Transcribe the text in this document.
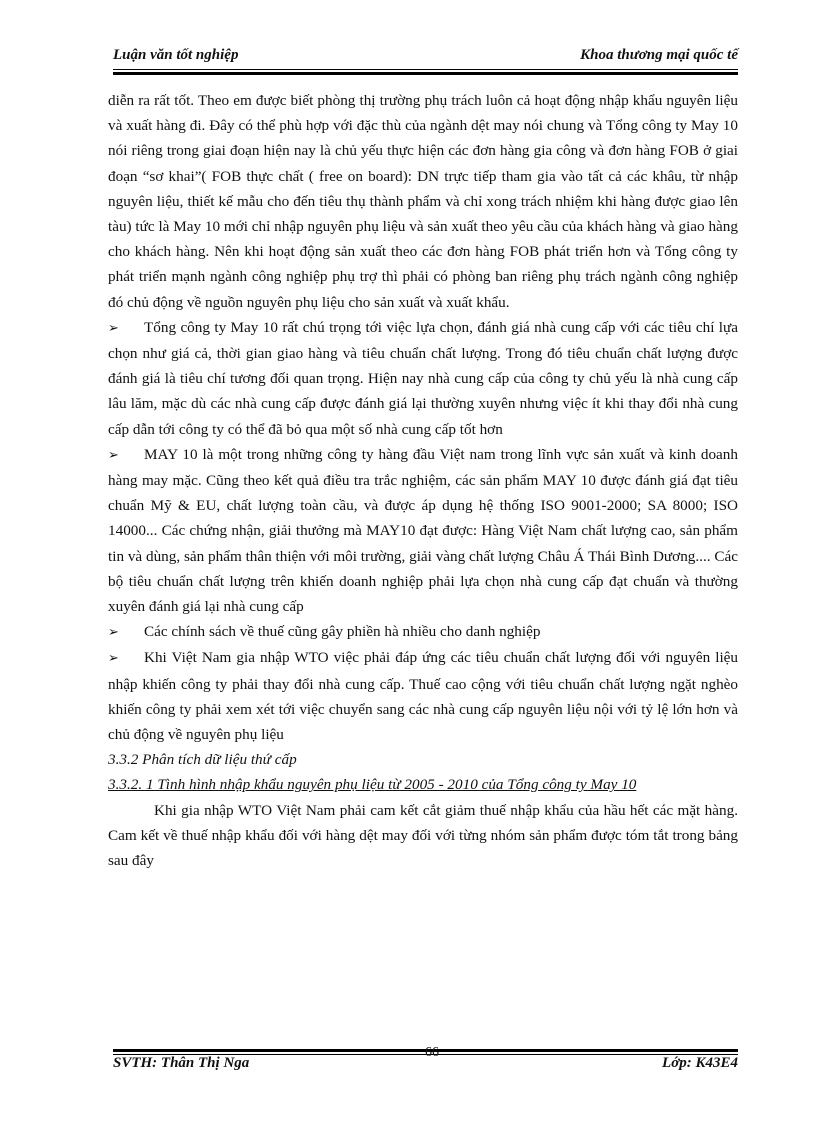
Luận văn tốt nghiệp	Khoa thương mại quốc tế

diễn ra rất tốt. Theo em được biết phòng thị trường phụ trách luôn cả hoạt động nhập khẩu nguyên liệu và xuất hàng đi. Đây có thể phù hợp với đặc thù của ngành dệt may nói chung và Tổng công ty May 10 nói riêng trong giai đoạn hiện nay là chủ yếu thực hiện các đơn hàng gia công và đơn hàng FOB ở giai đoạn “sơ khai”( FOB thực chất ( free on board): DN trực tiếp tham gia vào tất cả các khâu, từ nhập nguyên liệu, thiết kế mẫu cho đến tiêu thụ thành phẩm và chỉ xong trách nhiệm khi hàng được giao lên tàu) tức là May 10 mới chỉ nhập nguyên phụ liệu và sản xuất theo yêu cầu của khách hàng và giao hàng cho khách hàng. Nên khi hoạt động sản xuất theo các đơn hàng FOB phát triển hơn và Tổng công ty phát triển mạnh ngành công nghiệp phụ trợ thì phải có phòng ban riêng phụ trách ngành công nghiệp đó chủ động về nguồn nguyên phụ liệu cho sản xuất và xuất khẩu.

➢ Tổng công ty May 10 rất chú trọng tới việc lựa chọn, đánh giá nhà cung cấp với các tiêu chí lựa chọn như giá cả, thời gian giao hàng và tiêu chuẩn chất lượng. Trong đó tiêu chuẩn chất lượng được đánh giá là tiêu chí tương đối quan trọng. Hiện nay nhà cung cấp của công ty chủ yếu là nhà cung cấp lâu lăm, mặc dù các nhà cung cấp được đánh giá lại thường xuyên nhưng việc ít khi thay đổi nhà cung cấp dẫn tới công ty có thể đã bỏ qua một số nhà cung cấp tốt hơn

➢ MAY 10 là một trong những công ty hàng đầu Việt nam trong lĩnh vực sản xuất và kinh doanh hàng may mặc. Cũng theo kết quả điều tra trắc nghiệm, các sản phẩm MAY 10 được đánh giá đạt tiêu chuẩn Mỹ & EU, chất lượng toàn cầu, và được áp dụng hệ thống ISO 9001-2000; SA 8000; ISO 14000... Các chứng nhận, giải thưởng mà MAY10 đạt được: Hàng Việt Nam chất lượng cao, sản phẩm tin và dùng, sản phẩm thân thiện với môi trường, giải vàng chất lượng Châu Á Thái Bình Dương.... Các bộ tiêu chuẩn chất lượng trên khiến doanh nghiệp phải lựa chọn nhà cung cấp đạt chuẩn và thường xuyên đánh giá lại nhà cung cấp

➢ Các chính sách về thuế cũng gây phiền hà nhiều cho danh nghiệp

➢ Khi Việt Nam gia nhập WTO việc phải đáp ứng các tiêu chuẩn chất lượng đối với nguyên liệu nhập khiến công ty phải thay đổi nhà cung cấp. Thuế cao cộng với tiêu chuẩn chất lượng ngặt nghèo khiến công ty phải xem xét tới việc chuyển sang các nhà cung cấp nguyên liệu nội với tỷ lệ lớn hơn và chủ động về nguyên phụ liệu

3.3.2 Phân tích dữ liệu thứ cấp

3.3.2. 1 Tình hình nhập khẩu nguyên phụ liệu từ 2005 - 2010 của Tổng công ty May 10

Khi gia nhập WTO Việt Nam phải cam kết cắt giảm thuế nhập khẩu của hầu hết các mặt hàng. Cam kết về thuế nhập khẩu đối với hàng dệt may đối với từng nhóm sản phẩm được tóm tắt trong bảng sau đây

SVTH: Thân Thị Nga
66
Lớp: K43E4
